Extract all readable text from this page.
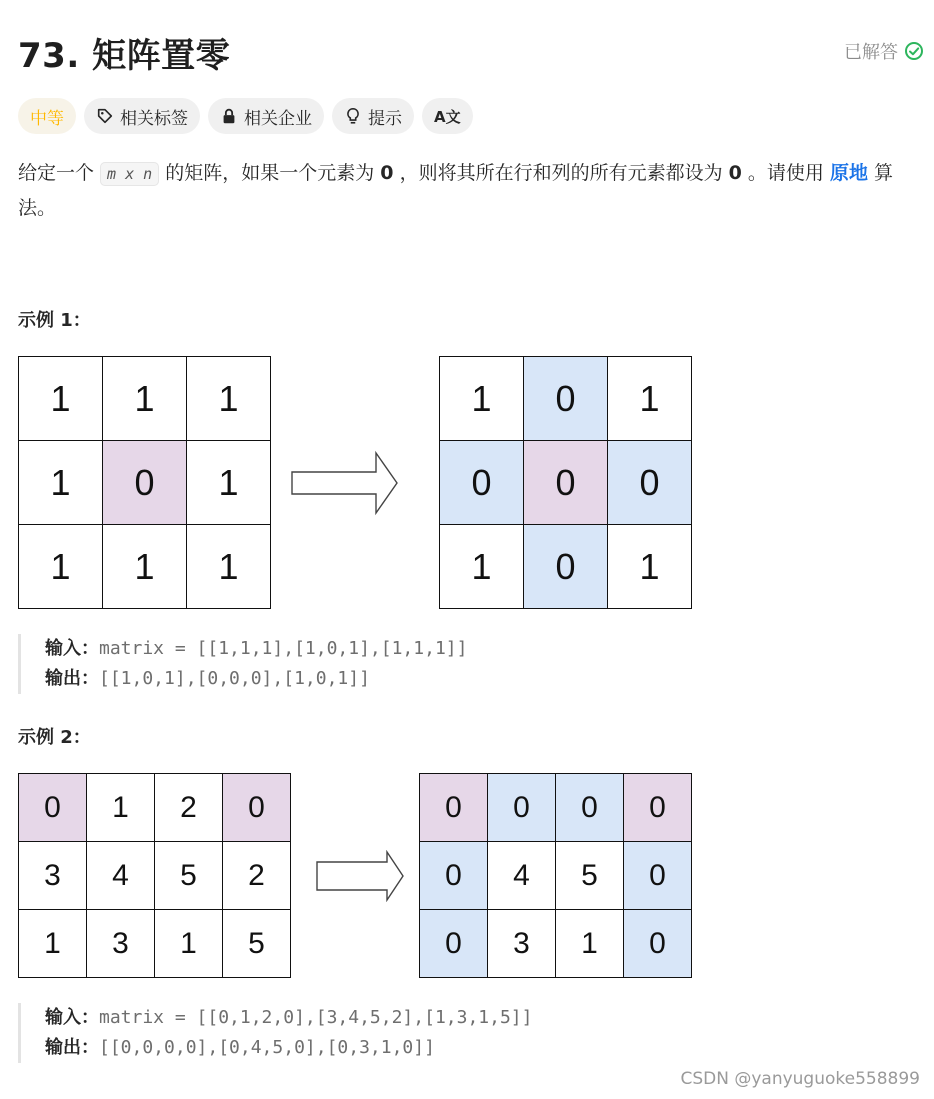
73. 矩阵置零	已解答
中等	相关标签	相关企业	提示 A文
给定一个 m x n 的矩阵，如果一个元素为 0 ，则将其所在行和列的所有元素都设为 0 。请使用 原地 算法。
示例 1：
1	1	1
1	0	1
1	1	1
1	0	1
0	0	0
1	0	1
输入：matrix = [[1,1,1],[1,0,1],[1,1,1]]
输出：[[1,0,1],[0,0,0],[1,0,1]]
示例 2：
0	1	2	0
3	4	5	2
1	3	1	5
0	0	0	0
0	4	5	0
0	3	1	0
输入：matrix = [[0,1,2,0],[3,4,5,2],[1,3,1,5]]
输出：[[0,0,0,0],[0,4,5,0],[0,3,1,0]]
CSDN @yanyuguoke558899
